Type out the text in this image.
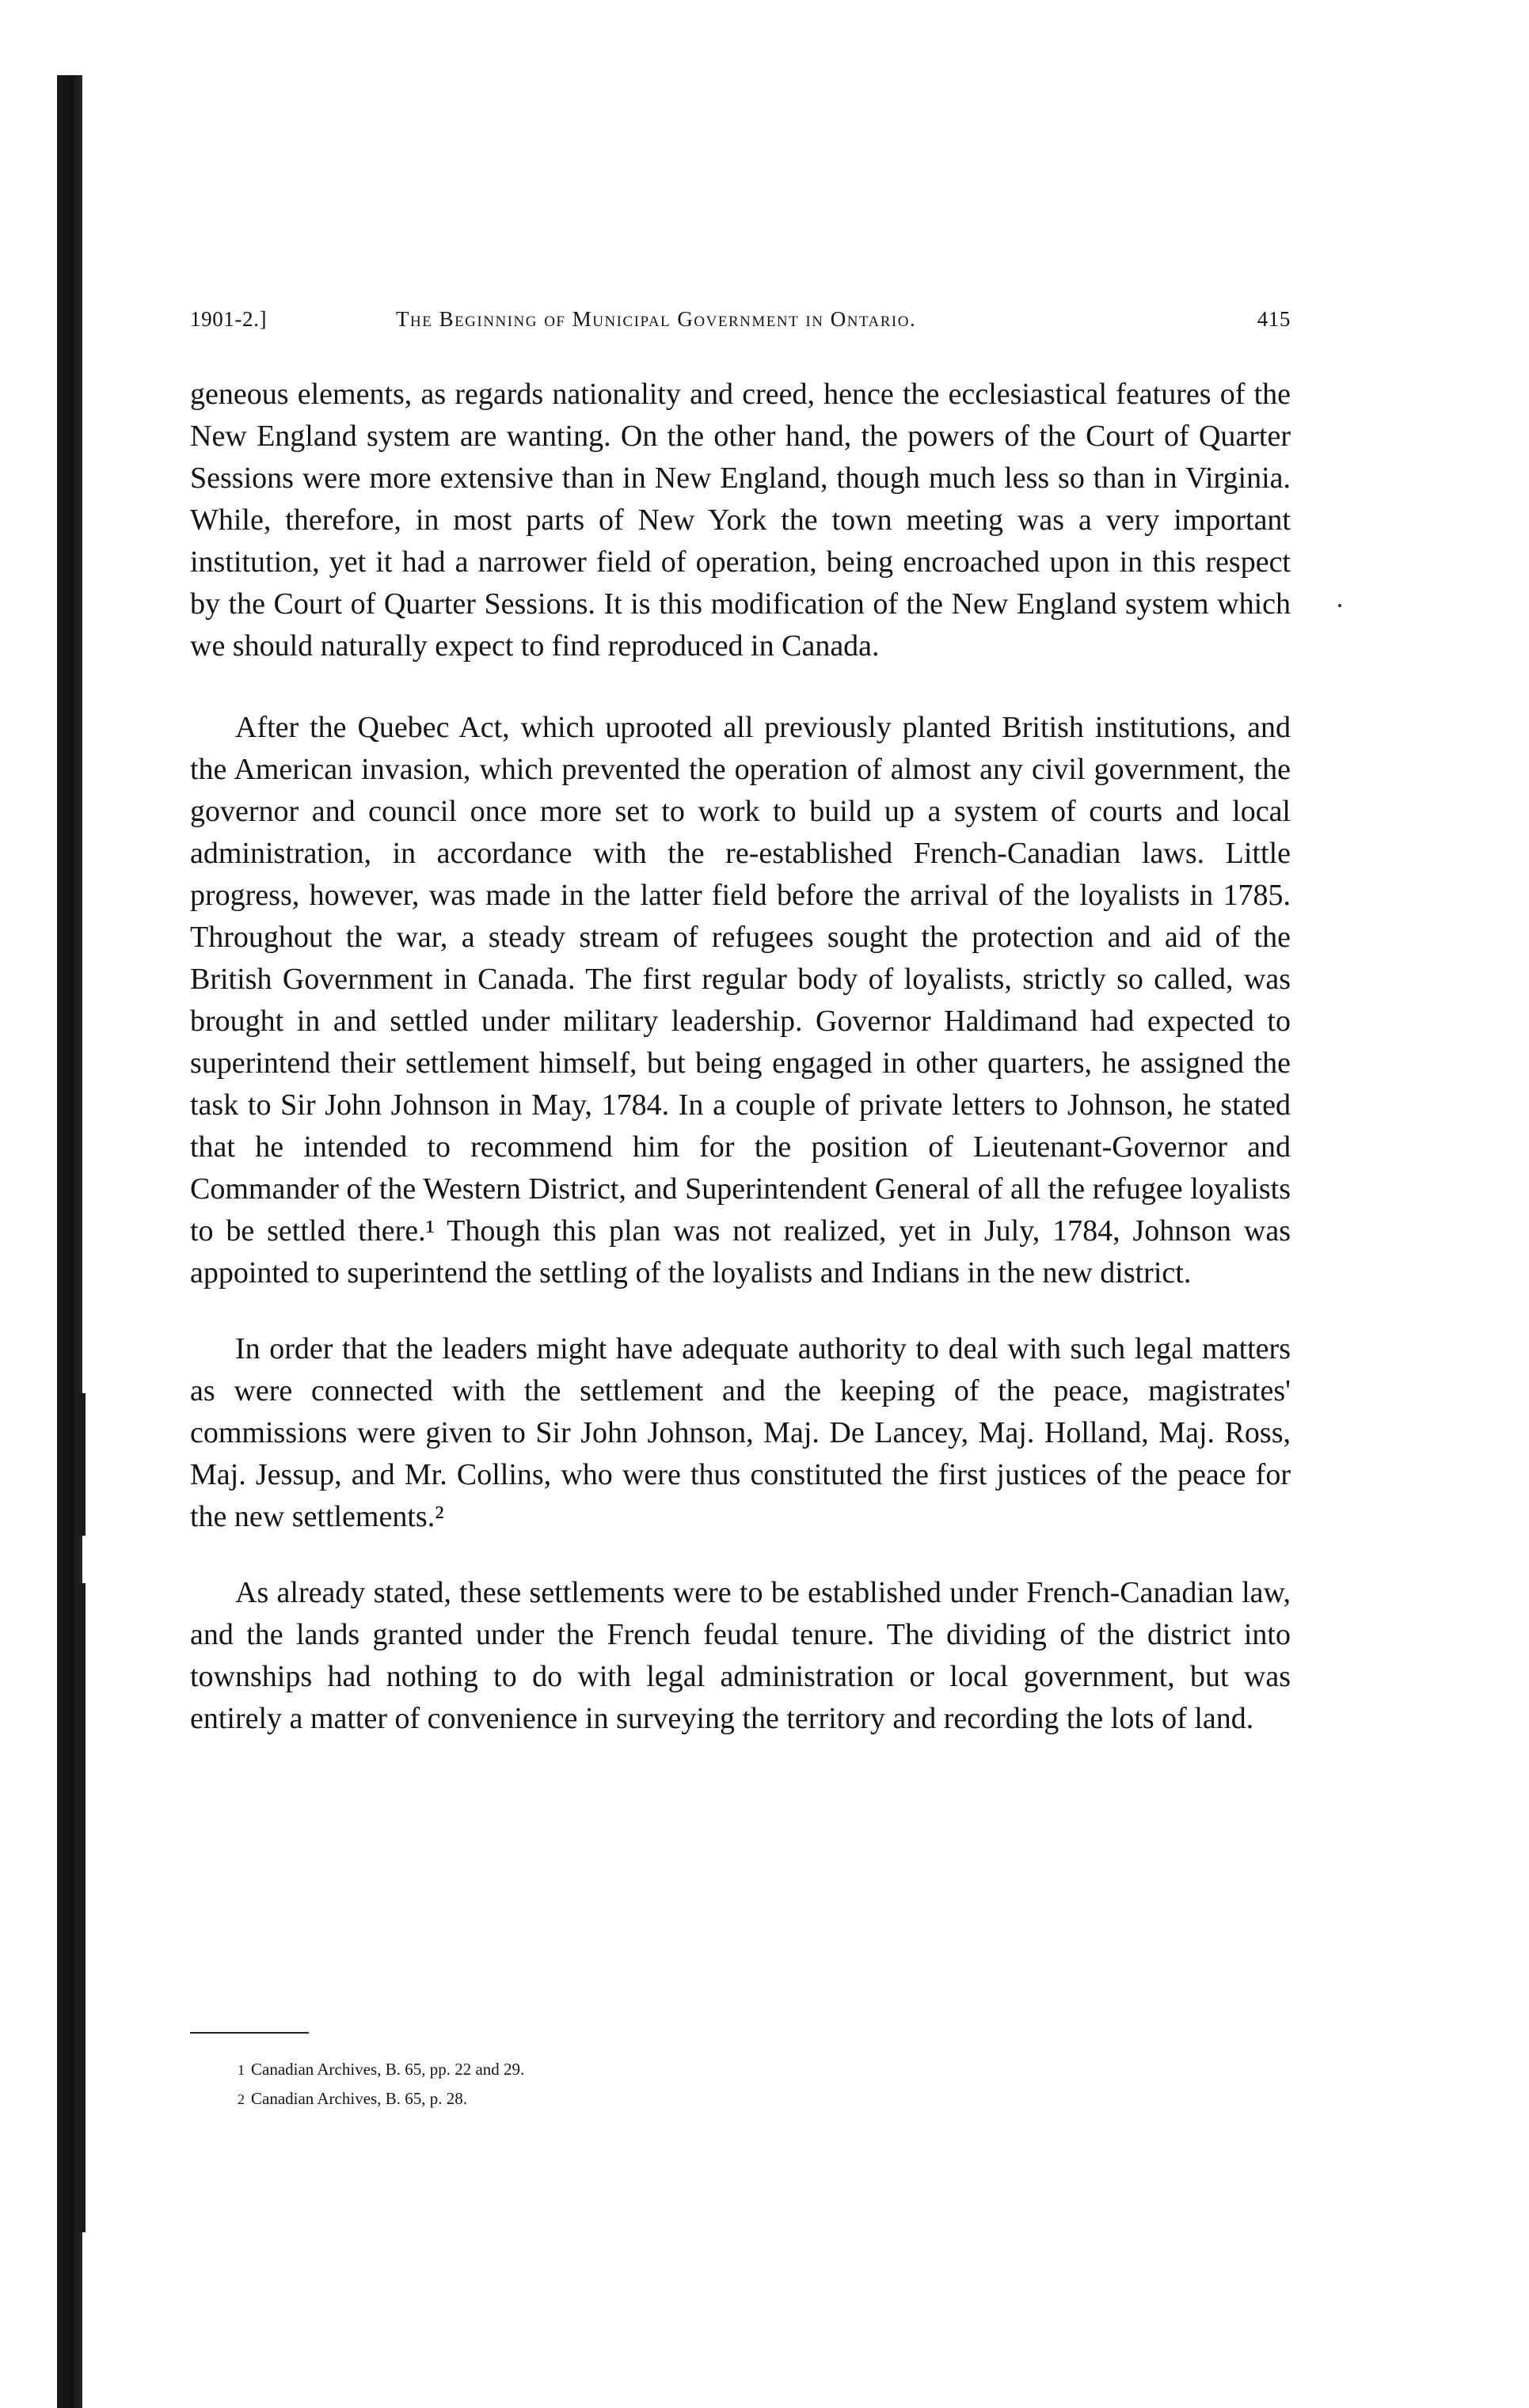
1901-2.]	The Beginning of Municipal Government in Ontario.	415

geneous elements, as regards nationality and creed, hence the ecclesiastical features of the New England system are wanting. On the other hand, the powers of the Court of Quarter Sessions were more extensive than in New England, though much less so than in Virginia. While, therefore, in most parts of New York the town meeting was a very important institution, yet it had a narrower field of operation, being encroached upon in this respect by the Court of Quarter Sessions. It is this modification of the New England system which we should naturally expect to find reproduced in Canada.

After the Quebec Act, which uprooted all previously planted British institutions, and the American invasion, which prevented the operation of almost any civil government, the governor and council once more set to work to build up a system of courts and local administration, in accordance with the re-established French-Canadian laws. Little progress, however, was made in the latter field before the arrival of the loyalists in 1785. Throughout the war, a steady stream of refugees sought the protection and aid of the British Government in Canada. The first regular body of loyalists, strictly so called, was brought in and settled under military leadership. Governor Haldimand had expected to superintend their settlement himself, but being engaged in other quarters, he assigned the task to Sir John Johnson in May, 1784. In a couple of private letters to Johnson, he stated that he intended to recommend him for the position of Lieutenant-Governor and Commander of the Western District, and Superintendent General of all the refugee loyalists to be settled there.¹ Though this plan was not realized, yet in July, 1784, Johnson was appointed to superintend the settling of the loyalists and Indians in the new district.

In order that the leaders might have adequate authority to deal with such legal matters as were connected with the settlement and the keeping of the peace, magistrates' commissions were given to Sir John Johnson, Maj. De Lancey, Maj. Holland, Maj. Ross, Maj. Jessup, and Mr. Collins, who were thus constituted the first justices of the peace for the new settlements.²

As already stated, these settlements were to be established under French-Canadian law, and the lands granted under the French feudal tenure. The dividing of the district into townships had nothing to do with legal administration or local government, but was entirely a matter of convenience in surveying the territory and recording the lots of land.

1 Canadian Archives, B. 65, pp. 22 and 29.
2 Canadian Archives, B. 65, p. 28.
